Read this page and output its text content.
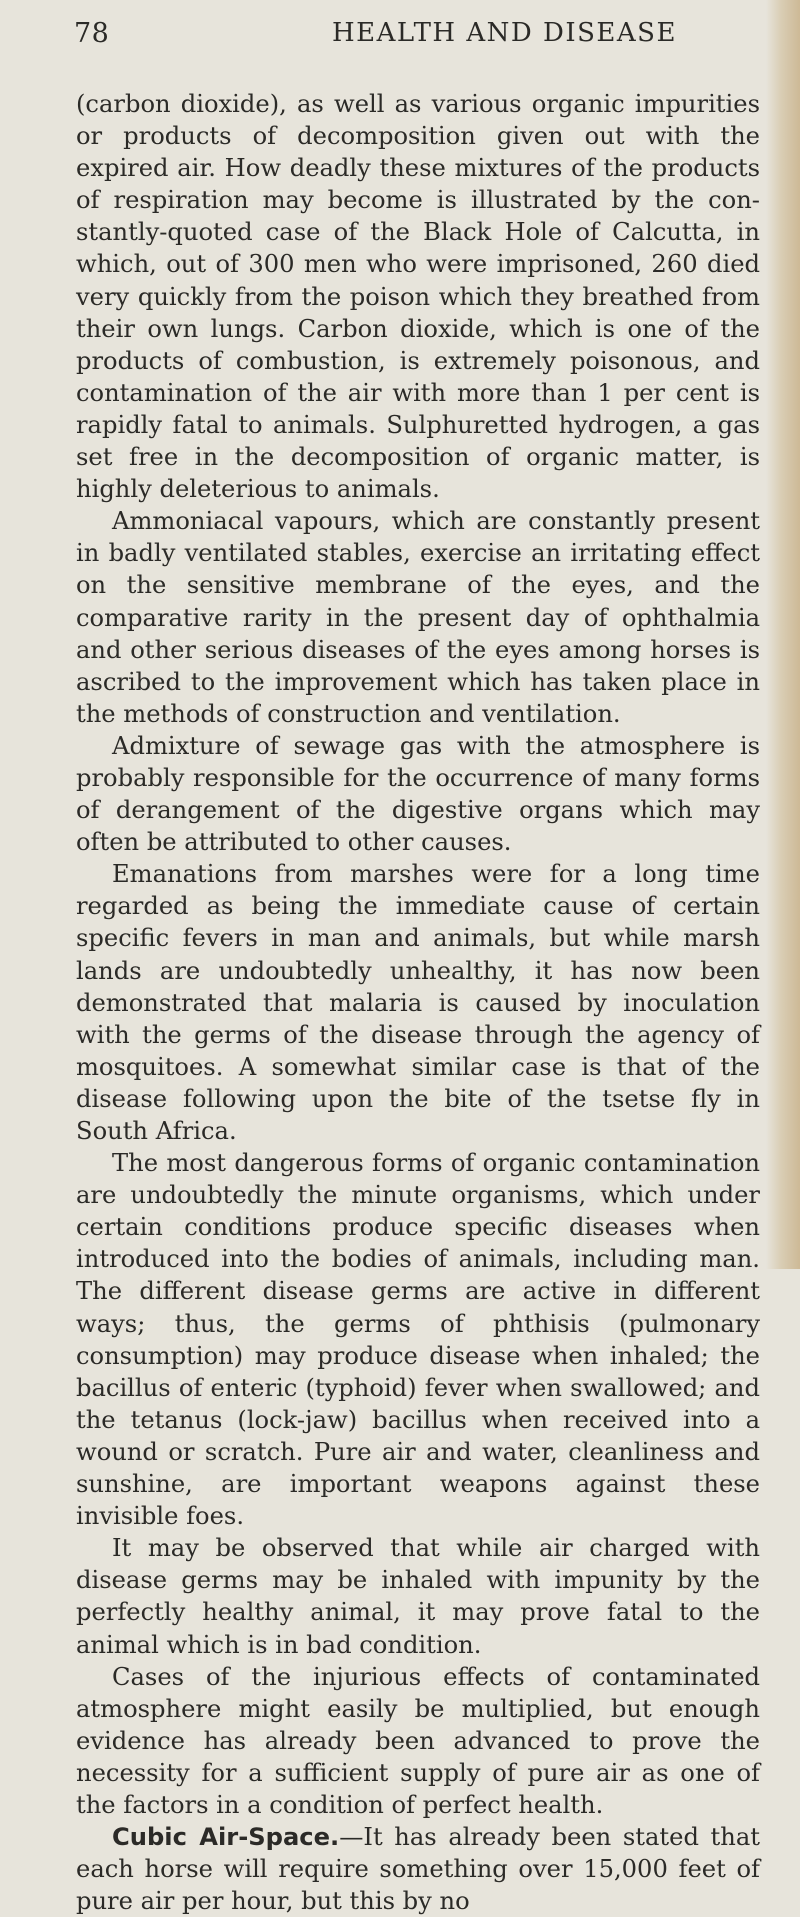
78	HEALTH AND DISEASE

(carbon dioxide), as well as various organic impurities or products of decomposition given out with the expired air. How deadly these mixtures of the products of respiration may become is illustrated by the con-stantly-quoted case of the Black Hole of Calcutta, in which, out of 300 men who were imprisoned, 260 died very quickly from the poison which they breathed from their own lungs. Carbon dioxide, which is one of the products of combustion, is extremely poisonous, and contamination of the air with more than 1 per cent is rapidly fatal to animals. Sulphuretted hydrogen, a gas set free in the decomposition of organic matter, is highly deleterious to animals.

Ammoniacal vapours, which are constantly present in badly ventilated stables, exercise an irritating effect on the sensitive membrane of the eyes, and the comparative rarity in the present day of ophthalmia and other serious diseases of the eyes among horses is ascribed to the improvement which has taken place in the methods of construction and ventilation.

Admixture of sewage gas with the atmosphere is probably responsible for the occurrence of many forms of derangement of the digestive organs which may often be attributed to other causes.

Emanations from marshes were for a long time regarded as being the immediate cause of certain specific fevers in man and animals, but while marsh lands are undoubtedly unhealthy, it has now been demonstrated that malaria is caused by inoculation with the germs of the disease through the agency of mosquitoes. A somewhat similar case is that of the disease following upon the bite of the tsetse fly in South Africa.

The most dangerous forms of organic contamination are undoubtedly the minute organisms, which under certain conditions produce specific diseases when introduced into the bodies of animals, including man. The different disease germs are active in different ways; thus, the germs of phthisis (pulmonary consumption) may produce disease when inhaled; the bacillus of enteric (typhoid) fever when swallowed; and the tetanus (lock-jaw) bacillus when received into a wound or scratch. Pure air and water, cleanliness and sunshine, are important weapons against these invisible foes.

It may be observed that while air charged with disease germs may be inhaled with impunity by the perfectly healthy animal, it may prove fatal to the animal which is in bad condition.

Cases of the injurious effects of contaminated atmosphere might easily be multiplied, but enough evidence has already been advanced to prove the necessity for a sufficient supply of pure air as one of the factors in a condition of perfect health.

Cubic Air-Space.—It has already been stated that each horse will require something over 15,000 feet of pure air per hour, but this by no
